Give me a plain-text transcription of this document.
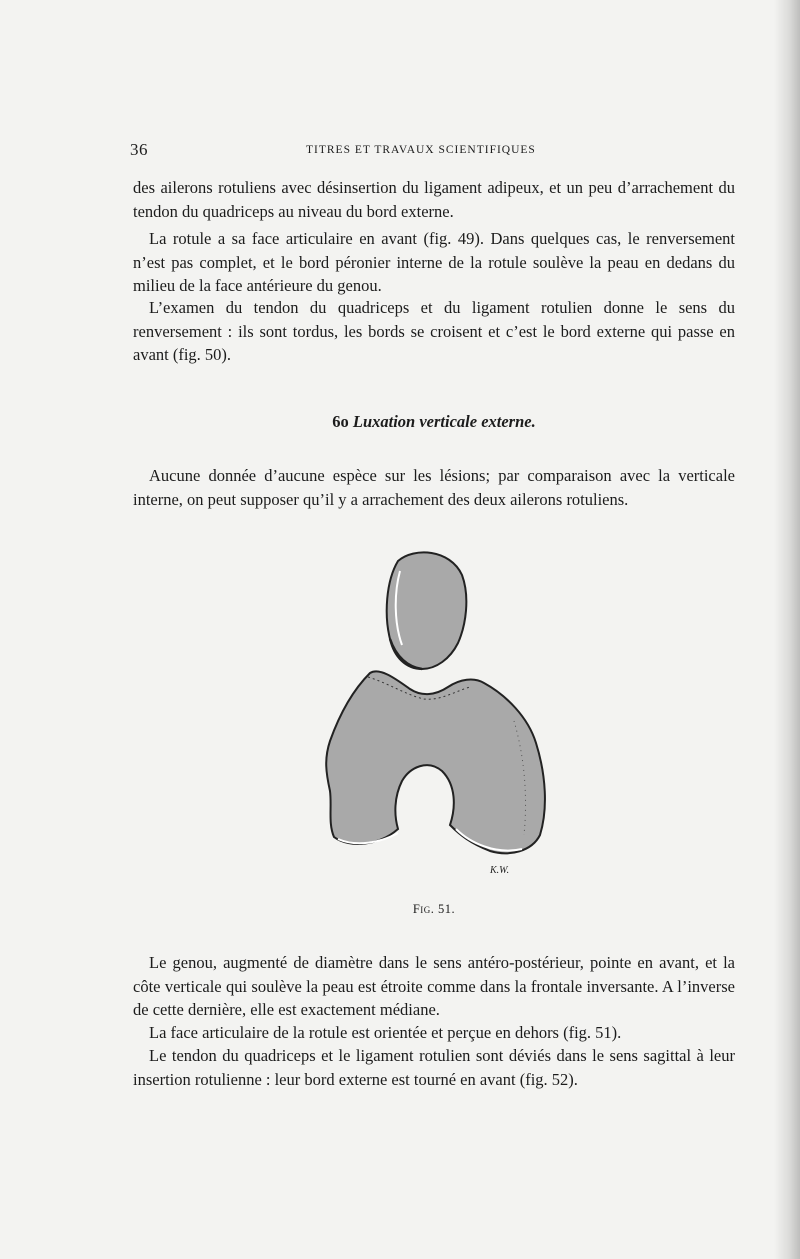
36	TITRES ET TRAVAUX SCIENTIFIQUES

des ailerons rotuliens avec désinsertion du ligament adipeux, et un peu d’arrachement du tendon du quadriceps au niveau du bord externe.

La rotule a sa face articulaire en avant (fig. 49). Dans quelques cas, le renversement n’est pas complet, et le bord péronier interne de la rotule soulève la peau en dedans du milieu de la face antérieure du genou.

L’examen du tendon du quadriceps et du ligament rotulien donne le sens du renversement : ils sont tordus, les bords se croisent et c’est le bord externe qui passe en avant (fig. 50).

6o Luxation verticale externe.

Aucune donnée d’aucune espèce sur les lésions; par comparaison avec la verticale interne, on peut supposer qu’il y a arrachement des deux ailerons rotuliens.

K.W.
Fig. 51.

Le genou, augmenté de diamètre dans le sens antéro-postérieur, pointe en avant, et la côte verticale qui soulève la peau est étroite comme dans la frontale inversante. A l’inverse de cette dernière, elle est exactement médiane.

La face articulaire de la rotule est orientée et perçue en dehors (fig. 51).

Le tendon du quadriceps et le ligament rotulien sont déviés dans le sens sagittal à leur insertion rotulienne : leur bord externe est tourné en avant (fig. 52).
